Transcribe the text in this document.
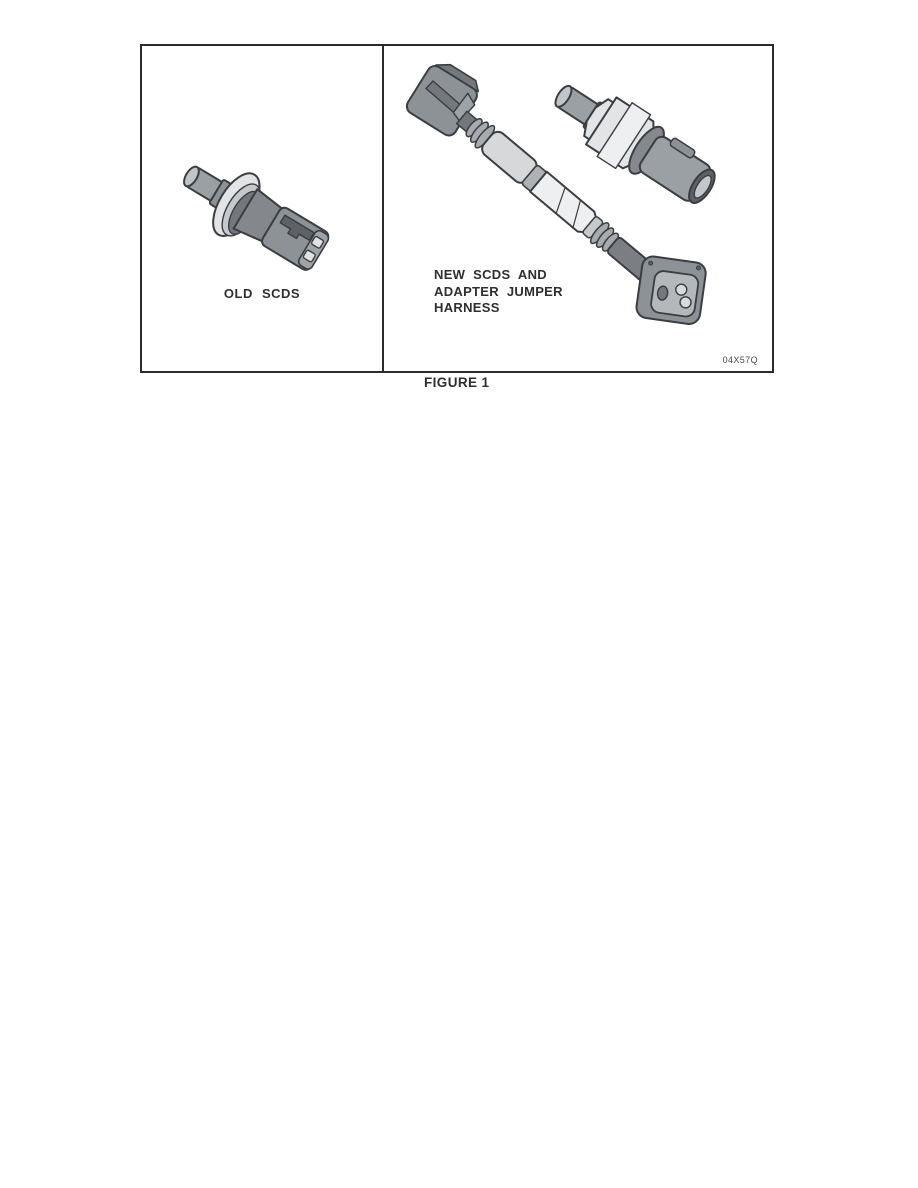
OLD SCDS
NEW SCDS AND
ADAPTER JUMPER
HARNESS
04X57Q
FIGURE 1
